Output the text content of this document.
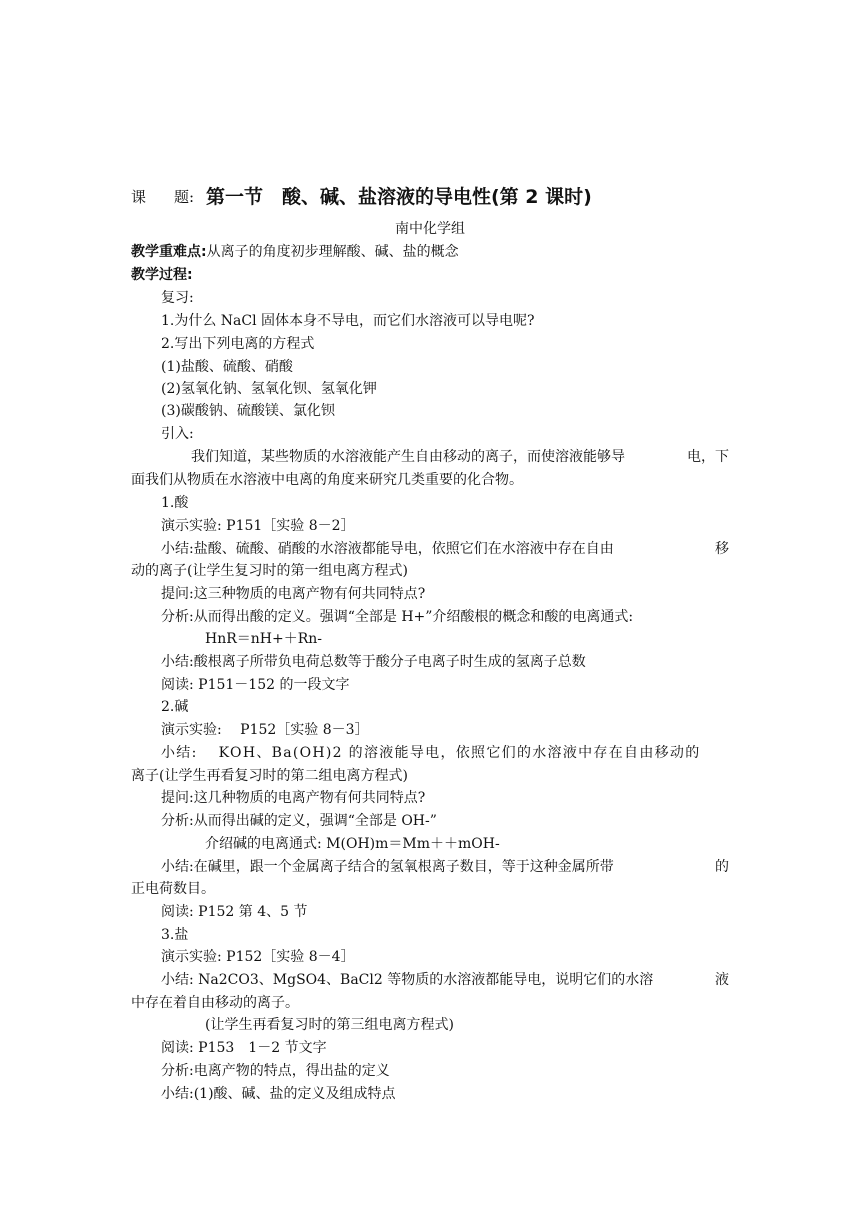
课 题: 第一节　酸、碱、盐溶液的导电性(第 2 课时)
南中化学组
教学重难点:从离子的角度初步理解酸、碱、盐的概念
教学过程:
复习:
1.为什么 NaCl 固体本身不导电，而它们水溶液可以导电呢?
2.写出下列电离的方程式
(1)盐酸、硫酸、硝酸
(2)氢氧化钠、氢氧化钡、氢氧化钾
(3)碳酸钠、硫酸镁、氯化钡
引入:
我们知道，某些物质的水溶液能产生自由移动的离子，而使溶液能够导	电，下
面我们从物质在水溶液中电离的角度来研究几类重要的化合物。
1.酸
演示实验: P151［实验 8－2］
小结:盐酸、硫酸、硝酸的水溶液都能导电，依照它们在水溶液中存在自由	移
动的离子(让学生复习时的第一组电离方程式)
提问:这三种物质的电离产物有何共同特点?
分析:从而得出酸的定义。强调“全部是 H+”介绍酸根的概念和酸的电离通式:
HnR＝nH+＋Rn-
小结:酸根离子所带负电荷总数等于酸分子电离子时生成的氢离子总数
阅读: P151－152 的一段文字
2.碱
演示实验:　 P152［实验 8－3］
小结:　 KOH、Ba(OH)2 的溶液能导电，依照它们的水溶液中存在自由移动的
离子(让学生再看复习时的第二组电离方程式)
提问:这几种物质的电离产物有何共同特点?
分析:从而得出碱的定义，强调“全部是 OH-”
介绍碱的电离通式: M(OH)m＝Mm＋＋mOH-
小结:在碱里，跟一个金属离子结合的氢氧根离子数目，等于这种金属所带	的
正电荷数目。
阅读: P152 第 4、5 节
3.盐
演示实验: P152［实验 8－4］
小结: Na2CO3、MgSO4、BaCl2 等物质的水溶液都能导电，说明它们的水溶	液
中存在着自由移动的离子。
(让学生再看复习时的第三组电离方程式)
阅读: P153　1－2 节文字
分析:电离产物的特点，得出盐的定义
小结:(1)酸、碱、盐的定义及组成特点
